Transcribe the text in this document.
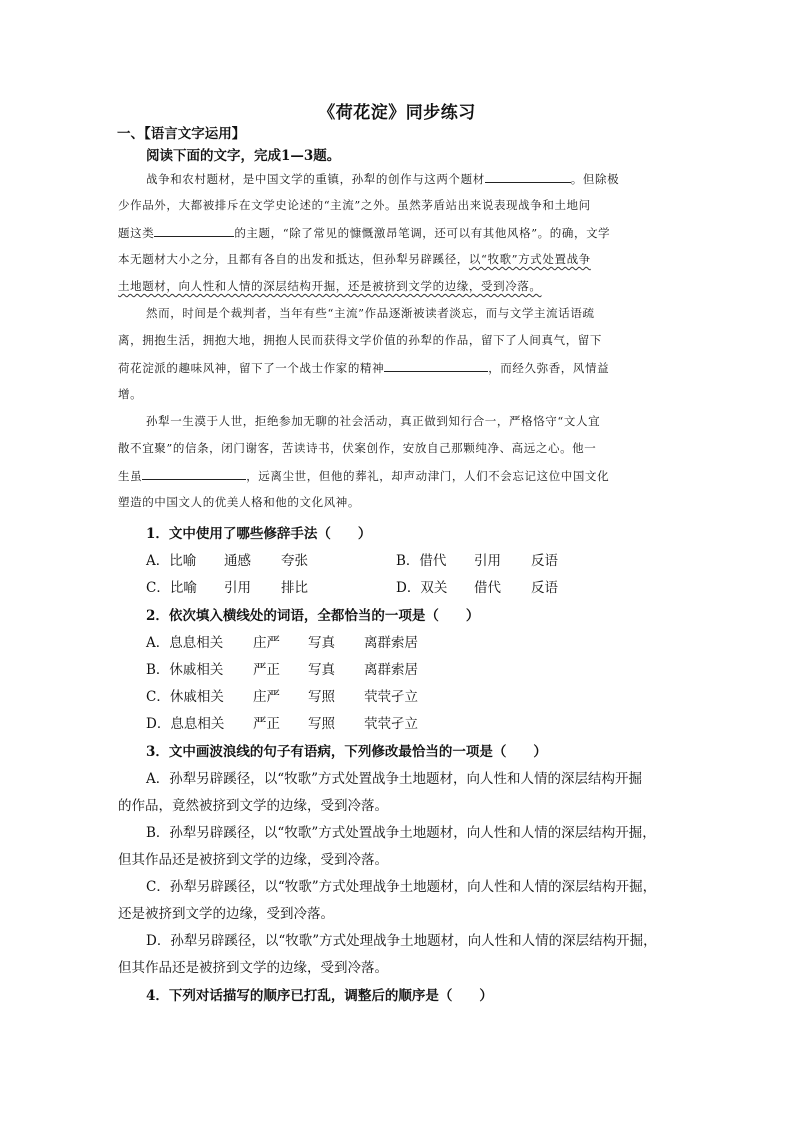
《荷花淀》同步练习
一、【语言文字运用】
阅读下面的文字，完成1—3题。
战争和农村题材，是中国文学的重镇，孙犁的创作与这两个题材	。但除极
少作品外，大都被排斥在文学史论述的“主流”之外。虽然茅盾站出来说表现战争和土地问
题这类	的主题，“除了常见的慷慨激昂笔调，还可以有其他风格”。的确，文学
本无题材大小之分，且都有各自的出发和抵达，但孙犁另辟蹊径，以“牧歌”方式处置战争
土地题材，向人性和人情的深层结构开掘，还是被挤到文学的边缘，受到冷落。
然而，时间是个裁判者，当年有些“主流”作品逐渐被读者淡忘，而与文学主流话语疏
离，拥抱生活，拥抱大地，拥抱人民而获得文学价值的孙犁的作品，留下了人间真气，留下
荷花淀派的趣味风神，留下了一个战士作家的精神	，而经久弥香，风情益
增。
孙犁一生漠于人世，拒绝参加无聊的社会活动，真正做到知行合一，严格恪守“文人宜
散不宜聚”的信条，闭门谢客，苦读诗书，伏案创作，安放自己那颗纯净、高远之心。他一
生虽	，远离尘世，但他的葬礼，却声动津门，人们不会忘记这位中国文化
塑造的中国文人的优美人格和他的文化风神。
1．文中使用了哪些修辞手法（　　）
A．比喻 通感 夸张	B．借代 引用 反语
C．比喻 引用 排比	D．双关 借代 反语
2．依次填入横线处的词语，全都恰当的一项是（　　）
A．息息相关 庄严 写真 离群索居
B．休戚相关 严正 写真 离群索居
C．休戚相关 庄严 写照 茕茕孑立
D．息息相关 严正 写照 茕茕孑立
3．文中画波浪线的句子有语病，下列修改最恰当的一项是（　　）
A．孙犁另辟蹊径，以“牧歌”方式处置战争土地题材，向人性和人情的深层结构开掘
的作品，竟然被挤到文学的边缘，受到冷落。
B．孙犁另辟蹊径，以“牧歌”方式处置战争土地题材，向人性和人情的深层结构开掘，
但其作品还是被挤到文学的边缘，受到冷落。
C．孙犁另辟蹊径，以“牧歌”方式处理战争土地题材，向人性和人情的深层结构开掘，
还是被挤到文学的边缘，受到冷落。
D．孙犁另辟蹊径，以“牧歌”方式处理战争土地题材，向人性和人情的深层结构开掘，
但其作品还是被挤到文学的边缘，受到冷落。
4．下列对话描写的顺序已打乱，调整后的顺序是（　　）
